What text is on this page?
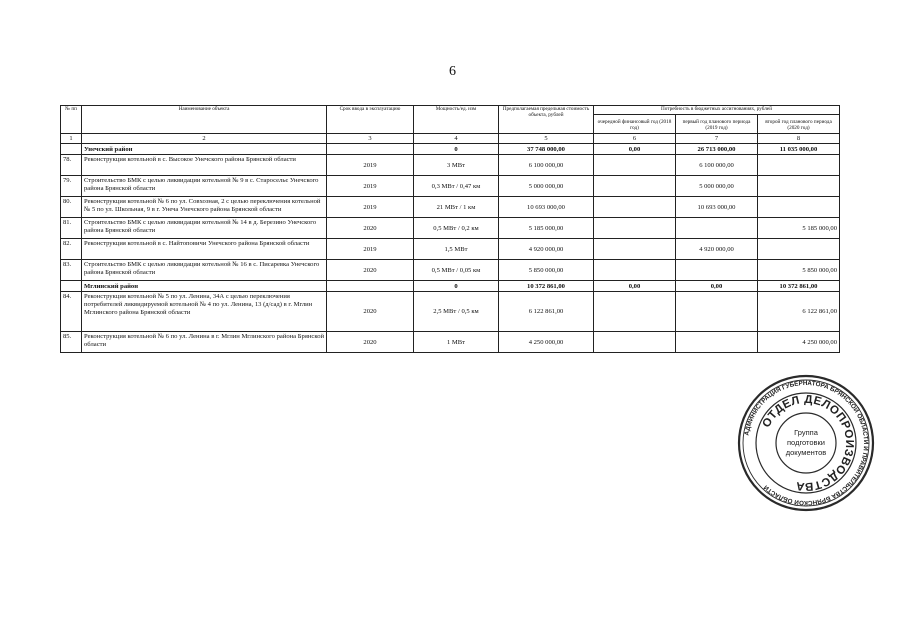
6
№ пп	Наименование объекта	Срок ввода в эксплуатацию	Мощность/ед. изм	Предполагаемая предельная стоимость объекта, рублей	Потребность в бюджетных ассигнованиях, рублей		
					очередной финансовый год (2018 год)	первый год планового периода (2019 год)	второй год планового периода (2020 год)
1	2	3	4	5	6	7	8
	Унечский район		0	37 748 000,00	0,00	26 713 000,00	11 035 000,00
78.	Реконструкция котельной в с. Высокое Унечского района Брянской области	2019	3 МВт	6 100 000,00		6 100 000,00	
79.	Строительство БМК с целью ликвидации котельной № 9 в с. Старосельє Унечского района Брянской области	2019	0,3 МВт / 0,47 км	5 000 000,00		5 000 000,00	
80.	Реконструкция котельной № 6 по ул. Совхозная, 2 с целью переключения котельной № 5 по ул. Школьная, 9 в г. Унеча Унечского района Брянской области	2019	21 МВт / 1 км	10 693 000,00		10 693 000,00	
81.	Строительство БМК с целью ликвидации котельной № 14 в д. Березино Унечского района Брянской области	2020	0,5 МВт / 0,2 км	5 185 000,00			5 185 000,00
82.	Реконструкция котельной в с. Найтоповичи Унечского района Брянской области	2019	1,5 МВт	4 920 000,00		4 920 000,00	
83.	Строительство БМК с целью ликвидации котельной № 16 в с. Писаревка Унечского района Брянской области	2020	0,5 МВт / 0,05 км	5 850 000,00			5 850 000,00
	Мглинский район		0	10 372 861,00	0,00	0,00	10 372 861,00
84.	Реконструкция котельной № 5 по ул. Ленина, 34А с целью переключения потребителей ликвидируемой котельной № 4 по ул. Ленина, 13 (д/сад) в г. Мглин Мглинского района Брянской области	2020	2,5 МВт / 0,5 км	6 122 861,00			6 122 861,00
85.	Реконструкция котельной № 6 по ул. Ленина в г. Мглин Мглинского района Брянской области	2020	1 МВт	4 250 000,00			4 250 000,00
АДМИНИСТРАЦИЯ ГУБЕРНАТОРА БРЯНСКОЙ ОБЛАСТИ И ПРАВИТЕЛЬСТВА БРЯНСКОЙ ОБЛАСТИ
ОТДЕЛ ДЕЛОПРОИЗВОДСТВА
Группа
подготовки
документов
